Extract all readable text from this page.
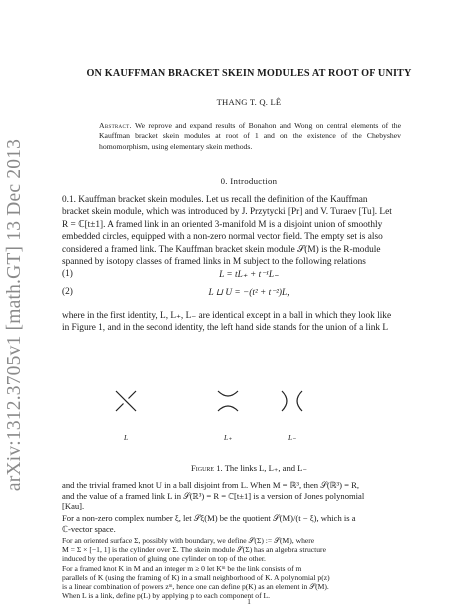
arXiv:1312.3705v1 [math.GT] 13 Dec 2013
ON KAUFFMAN BRACKET SKEIN MODULES AT ROOT OF UNITY
THANG T. Q. LÊ
Abstract. We reprove and expand results of Bonahon and Wong on central elements of the Kauffman bracket skein modules at root of 1 and on the existence of the Chebyshev homomorphism, using elementary skein methods.
0. Introduction
0.1. Kauffman bracket skein modules. Let us recall the definition of the Kauffman
bracket skein module, which was introduced by J. Przytycki [Pr] and V. Turaev [Tu]. Let
R = ℂ[t±1]. A framed link in an oriented 3-manifold M is a disjoint union of smoothly
embedded circles, equipped with a non-zero normal vector field. The empty set is also
considered a framed link. The Kauffman bracket skein module 𝒮(M) is the R-module
spanned by isotopy classes of framed links in M subject to the following relations
(1)	L = tL₊ + t⁻¹L₋
(2)	L ⊔ U = −(t² + t⁻²)L,
where in the first identity, L, L₊, L₋ are identical except in a ball in which they look like
in Figure 1, and in the second identity, the left hand side stands for the union of a link L
L	L₊	L₋
Figure 1. The links L, L₊, and L₋
and the trivial framed knot U in a ball disjoint from L. When M = ℝ³, then 𝒮(ℝ³) = R,
and the value of a framed link L in 𝒮(ℝ³) = R = ℂ[t±1] is a version of Jones polynomial
[Kau].
1
For a non-zero complex number ξ, let 𝒮ξ(M) be the quotient 𝒮(M)/(t − ξ), which is a
ℂ-vector space.
For an oriented surface Σ, possibly with boundary, we define 𝒮(Σ) := 𝒮(M), where
M = Σ × [−1, 1] is the cylinder over Σ. The skein module 𝒮(Σ) has an algebra structure
induced by the operation of gluing one cylinder on top of the other.
For a framed knot K in M and an integer m ≥ 0 let Kᵐ be the link consists of m
parallels of K (using the framing of K) in a small neighborhood of K. A polynomial p(z)
is a linear combination of powers zᵐ, hence one can define p(K) as an element in 𝒮(M).
When L is a link, define p(L) by applying p to each component of L.
